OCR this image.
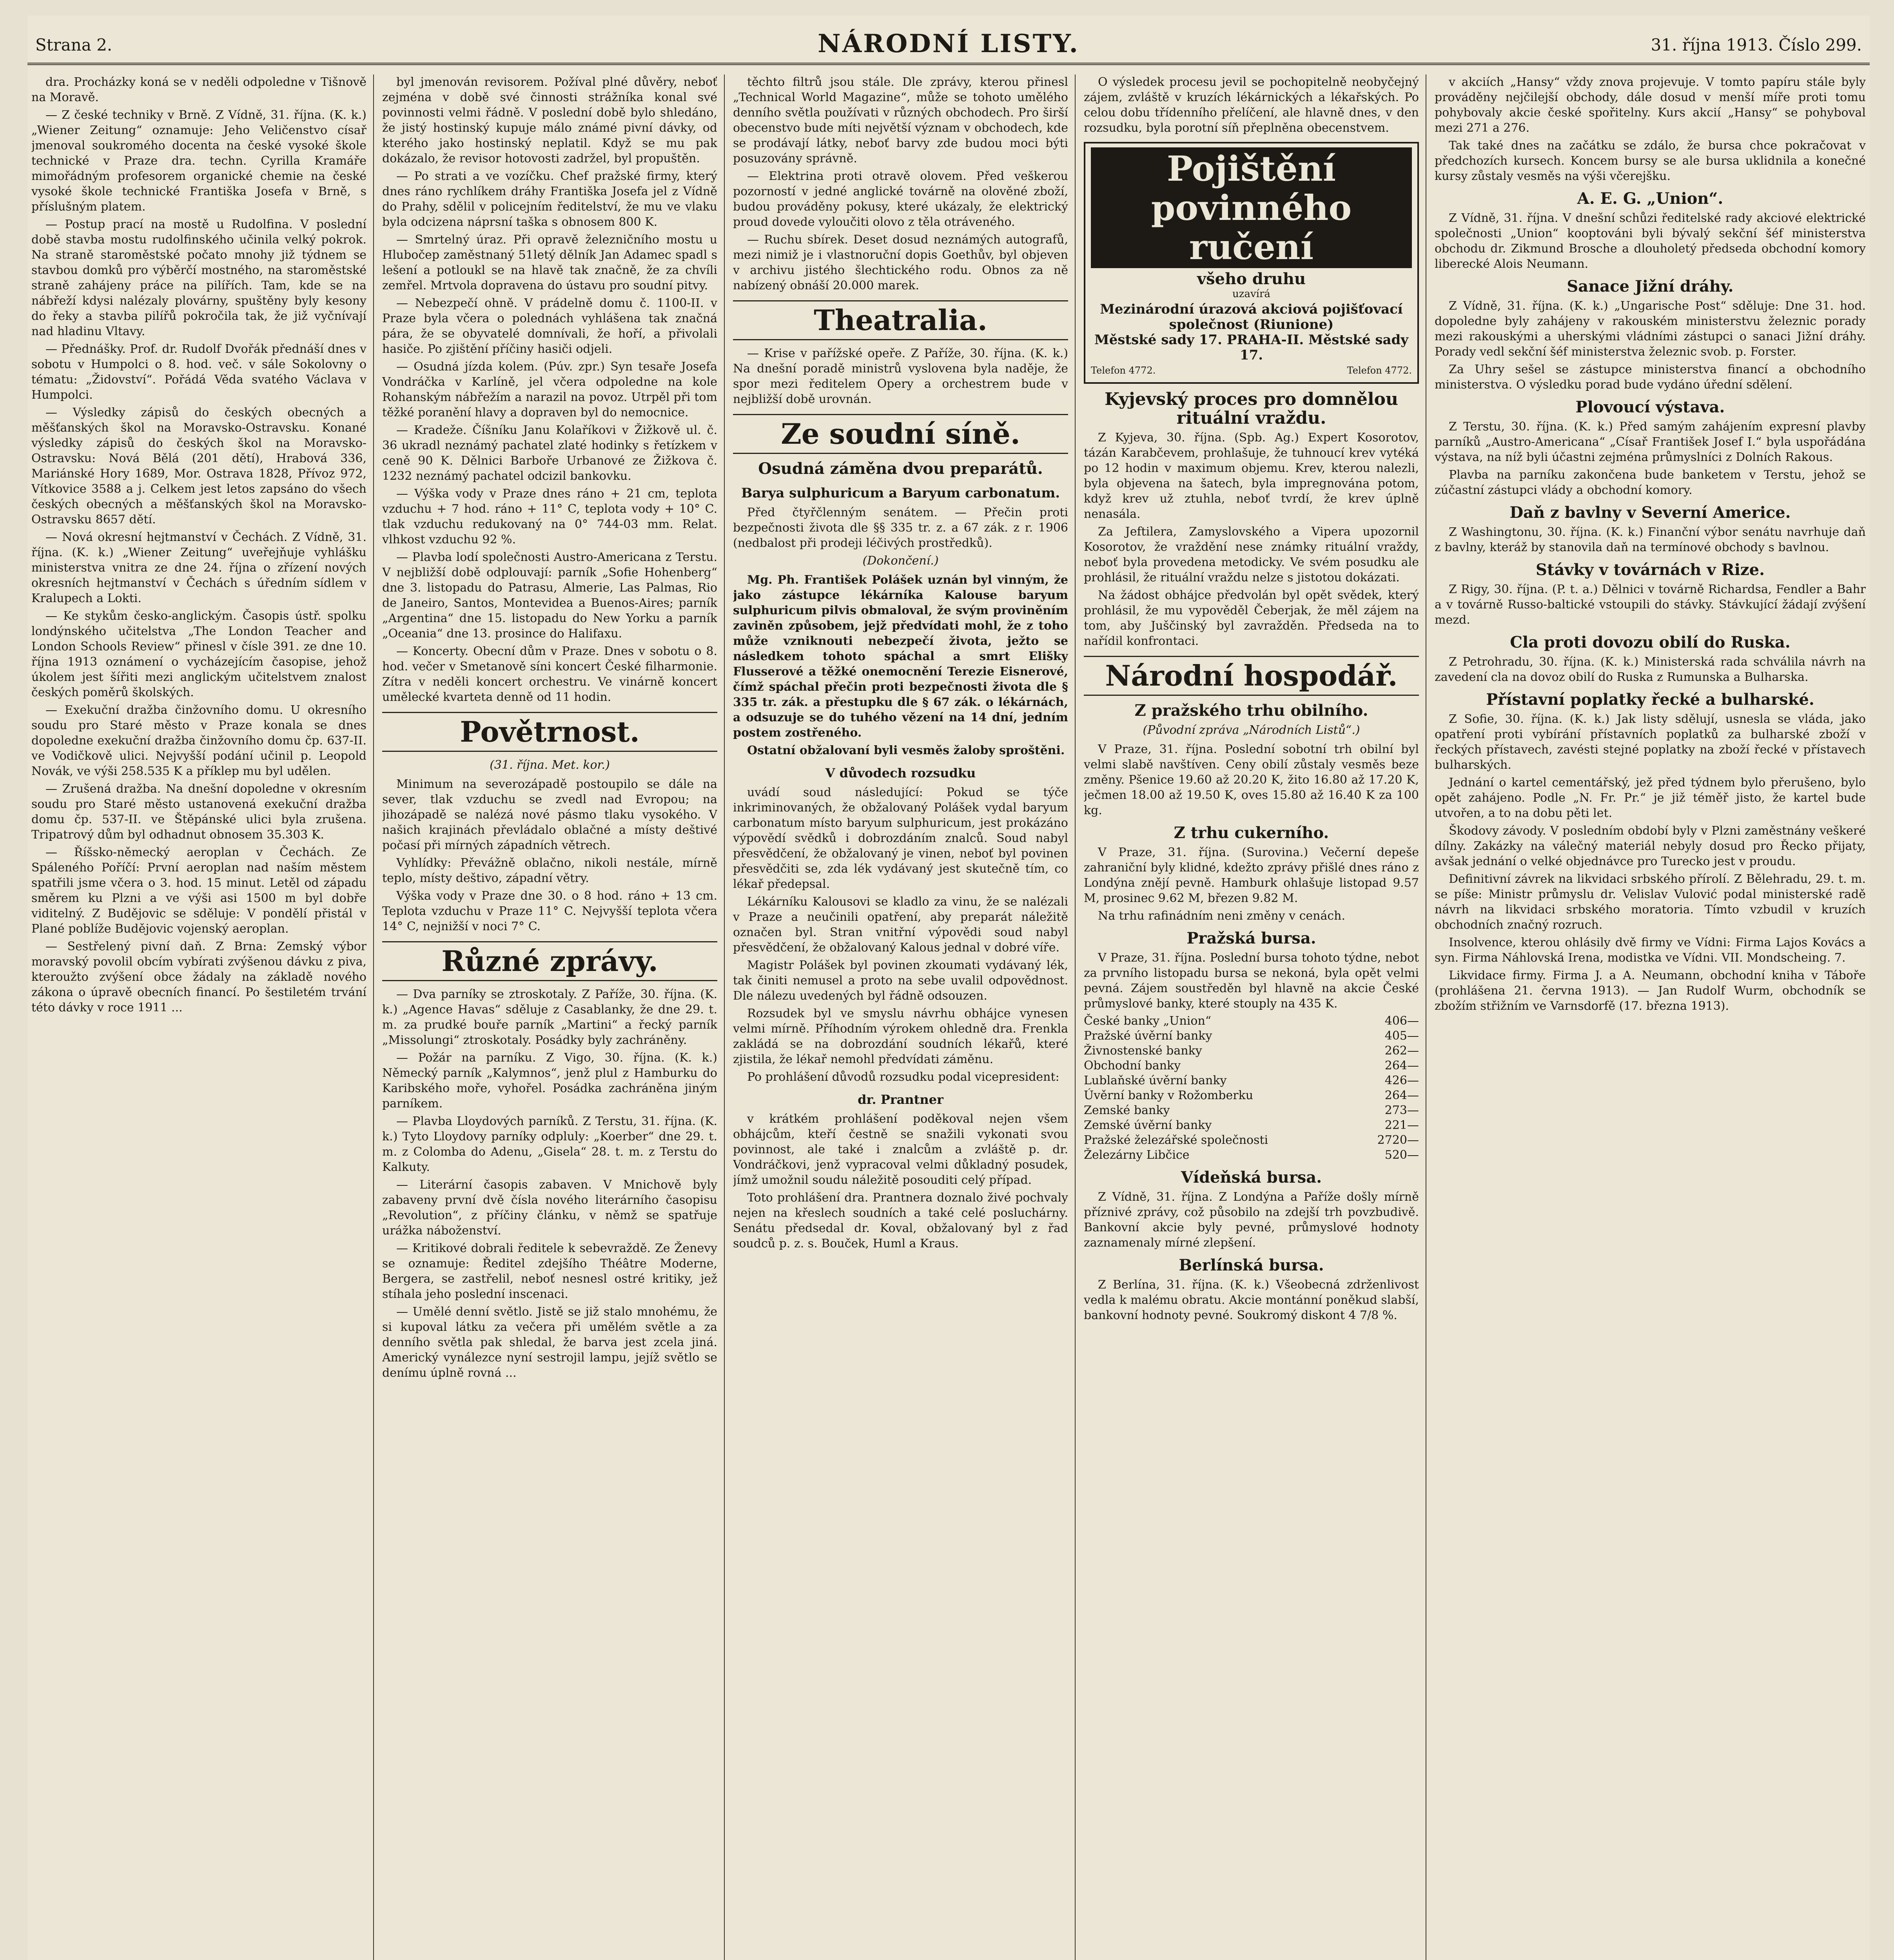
Strana 2.	NÁRODNÍ LISTY.	31. října 1913. Číslo 299.

dra. Procházky koná se v neděli odpoledne v Tišnově na Moravě.

— Z české techniky v Brně. Z Vídně, 31. října. (K. k.) „Wiener Zeitung“ oznamuje: Jeho Veličenstvo císař jmenoval soukromého docenta na české vysoké škole technické v Praze dra. techn. Cyrilla Kramáře mimořádným profesorem organické chemie na české vysoké škole technické Františka Josefa v Brně, s příslušným platem.

— Postup prací na mostě u Rudolfina. V poslední době stavba mostu rudolfinského učinila velký pokrok. Na straně staroměstské počato mnohy již týdnem se stavbou domků pro výběrčí mostného, na staroměstské straně zahájeny práce na pilířích. Tam, kde se na nábřeží kdysi nalézaly plovárny, spuštěny byly kesony do řeky a stavba pilířů pokročila tak, že již vyčnívají nad hladinu Vltavy.

— Přednášky. Prof. dr. Rudolf Dvořák přednáší dnes v sobotu v Humpolci o 8. hod. več. v sále Sokolovny o tématu: „Židovství“. Pořádá Věda svatého Václava v Humpolci.

— Výsledky zápisů do českých obecných a měšťanských škol na Moravsko-Ostravsku. Konané výsledky zápisů do českých škol na Moravsko-Ostravsku: Nová Bělá (201 dětí), Hrabová 336, Mariánské Hory 1689, Mor. Ostrava 1828, Přívoz 972, Vítkovice 3588 a j. Celkem jest letos zapsáno do všech českých obecných a měšťanských škol na Moravsko-Ostravsku 8657 dětí.

— Nová okresní hejtmanství v Čechách. Z Vídně, 31. října. (K. k.) „Wiener Zeitung“ uveřejňuje vyhlášku ministerstva vnitra ze dne 24. října o zřízení nových okresních hejtmanství v Čechách s úředním sídlem v Kralupech a Lokti.

— Ke stykům česko-anglickým. Časopis ústř. spolku londýnského učitelstva „The London Teacher and London Schools Review“ přinesl v čísle 391. ze dne 10. října 1913 oznámení o vycházejícím časopise, jehož úkolem jest šířiti mezi anglickým učitelstvem znalost českých poměrů školských.

— Exekuční dražba činžovního domu. U okresního soudu pro Staré město v Praze konala se dnes dopoledne exekuční dražba činžovního domu čp. 637-II. ve Vodičkově ulici. Nejvyšší podání učinil p. Leopold Novák, ve výši 258.535 K a příklep mu byl udělen.

— Zrušená dražba. Na dnešní dopoledne v okresním soudu pro Staré město ustanovená exekuční dražba domu čp. 537-II. ve Štěpánské ulici byla zrušena. Tripatrový dům byl odhadnut obnosem 35.303 K.

— Říšsko-německý aeroplan v Čechách. Ze Spáleného Poříčí: První aeroplan nad naším městem spatřili jsme včera o 3. hod. 15 minut. Letěl od západu směrem ku Plzni a ve výši asi 1500 m byl dobře viditelný. Z Budějovic se sděluje: V pondělí přistál v Plané poblíže Budějovic vojenský aeroplan.

— Sestřelený pivní daň. Z Brna: Zemský výbor moravský povolil obcím vybírati zvýšenou dávku z piva, kteroužto zvýšení obce žádaly na základě nového zákona o úpravě obecních financí. Po šestiletém trvání této dávky v roce 1911 ...

byl jmenován revisorem. Požíval plné důvěry, neboť zejména v době své činnosti strážníka konal své povinnosti velmi řádně. V poslední době bylo shledáno, že jistý hostinský kupuje málo známé pivní dávky, od kterého jako hostinský neplatil. Když se mu pak dokázalo, že revisor hotovosti zadržel, byl propuštěn.

— Po strati a ve vozíčku. Chef pražské firmy, který dnes ráno rychlíkem dráhy Františka Josefa jel z Vídně do Prahy, sdělil v policejním ředitelství, že mu ve vlaku byla odcizena náprsní taška s obnosem 800 K.

— Smrtelný úraz. Při opravě železničního mostu u Hlubočep zaměstnaný 51letý dělník Jan Adamec spadl s lešení a potloukl se na hlavě tak značně, že za chvíli zemřel. Mrtvola dopravena do ústavu pro soudní pitvy.

— Nebezpečí ohně. V prádelně domu č. 1100-II. v Praze byla včera o polednách vyhlášena tak značná pára, že se obyvatelé domnívali, že hoří, a přivolali hasiče. Po zjištění příčiny hasiči odjeli.

— Osudná jízda kolem. (Púv. zpr.) Syn tesaře Josefa Vondráčka v Karlíně, jel včera odpoledne na kole Rohanským nábřežím a narazil na povoz. Utrpěl při tom těžké poranění hlavy a dopraven byl do nemocnice.

— Kradeže. Číšníku Janu Kolaříkovi v Žižkově ul. č. 36 ukradl neznámý pachatel zlaté hodinky s řetízkem v ceně 90 K. Dělnici Barboře Urbanové ze Žižkova č. 1232 neznámý pachatel odcizil bankovku.

— Výška vody v Praze dnes ráno + 21 cm, teplota vzduchu + 7 hod. ráno + 11° C, teplota vody + 10° C. tlak vzduchu redukovaný na 0° 744-03 mm. Relat. vlhkost vzduchu 92 %.

— Plavba lodí společnosti Austro-Americana z Terstu. V nejbližší době odplouvají: parník „Sofie Hohenberg“ dne 3. listopadu do Patrasu, Almerie, Las Palmas, Rio de Janeiro, Santos, Montevidea a Buenos-Aires; parník „Argentina“ dne 15. listopadu do New Yorku a parník „Oceania“ dne 13. prosince do Halifaxu.

— Koncerty. Obecní dům v Praze. Dnes v sobotu o 8. hod. večer v Smetanově síni koncert České filharmonie. Zítra v neděli koncert orchestru. Ve vinárně koncert umělecké kvarteta denně od 11 hodin.

Povětrnost.
(31. října. Met. kor.)

Minimum na severozápadě postoupilo se dále na sever, tlak vzduchu se zvedl nad Evropou; na jihozápadě se nalézá nové pásmo tlaku vysokého. V našich krajinách převládalo oblačné a místy deštivé počasí při mírných západních větrech.

Vyhlídky: Převážně oblačno, nikoli nestále, mírně teplo, místy deštivo, západní větry.

Výška vody v Praze dne 30. o 8 hod. ráno + 13 cm. Teplota vzduchu v Praze 11° C. Nejvyšší teplota včera 14° C, nejnižší v noci 7° C.

Různé zprávy.

— Dva parníky se ztroskotaly. Z Paříže, 30. října. (K. k.) „Agence Havas“ sděluje z Casablanky, že dne 29. t. m. za prudké bouře parník „Martini“ a řecký parník „Missolungi“ ztroskotaly. Posádky byly zachráněny.

— Požár na parníku. Z Vigo, 30. října. (K. k.) Německý parník „Kalymnos“, jenž plul z Hamburku do Karibského moře, vyhořel. Posádka zachráněna jiným parníkem.

— Plavba Lloydových parníků. Z Terstu, 31. října. (K. k.) Tyto Lloydovy parníky odpluly: „Koerber“ dne 29. t. m. z Colomba do Adenu, „Gisela“ 28. t. m. z Terstu do Kalkuty.

— Literární časopis zabaven. V Mnichově byly zabaveny první dvě čísla nového literárního časopisu „Revolution“, z příčiny článku, v němž se spatřuje urážka náboženství.

— Kritikové dobrali ředitele k sebevraždě. Ze Ženevy se oznamuje: Ředitel zdejšího Théâtre Moderne, Bergera, se zastřelil, neboť nesnesl ostré kritiky, jež stíhala jeho poslední inscenaci.

— Umělé denní světlo. Jistě se již stalo mnohému, že si kupoval látku za večera při umělém světle a za denního světla pak shledal, že barva jest zcela jiná. Americký vynálezce nyní sestrojil lampu, jejíž světlo se denímu úplně rovná ...

těchto filtrů jsou stále. Dle zprávy, kterou přinesl „Technical World Magazine“, může se tohoto umělého denního světla používati v různých obchodech. Pro širší obecenstvo bude míti největší význam v obchodech, kde se prodávají látky, neboť barvy zde budou moci býti posuzovány správně.

— Elektrina proti otravě olovem. Před veškerou pozorností v jedné anglické továrně na olověné zboží, budou prováděny pokusy, které ukázaly, že elektrický proud dovede vyloučiti olovo z těla otráveného.

— Ruchu sbírek. Deset dosud neznámých autografů, mezi nimiž je i vlastnoruční dopis Goethův, byl objeven v archivu jistého šlechtického rodu. Obnos za ně nabízený obnáší 20.000 marek.

Theatralia.

— Krise v pařížské opeře. Z Paříže, 30. října. (K. k.) Na dnešní poradě ministrů vyslovena byla naděje, že spor mezi ředitelem Opery a orchestrem bude v nejbližší době urovnán.

Ze soudní síně.
Osudná záměna dvou preparátů.
Barya sulphuricum a Baryum carbonatum.

Před čtyřčlenným senátem. — Přečin proti bezpečnosti života dle §§ 335 tr. z. a 67 zák. z r. 1906 (nedbalost při prodeji léčivých prostředků).

(Dokončení.)

Mg. Ph. František Polášek uznán byl vinným, že jako zástupce lékárníka Kalouse baryum sulphuricum pilvis obmaloval, že svým proviněním zaviněn způsobem, jejž předvídati mohl, že z toho může vzniknouti nebezpečí života, ježto se následkem tohoto spáchal a smrt Elišky Flusserové a těžké onemocnění Terezie Eisnerové, čímž spáchal přečin proti bezpečnosti života dle § 335 tr. zák. a přestupku dle § 67 zák. o lékárnách, a odsuzuje se do tuhého vězení na 14 dní, jedním postem zostřeného.

Ostatní obžalovaní byli vesměs žaloby sproštěni.

V důvodech rozsudku

uvádí soud následující: Pokud se týče inkriminovaných, že obžalovaný Polášek vydal baryum carbonatum místo baryum sulphuricum, jest prokázáno výpovědí svědků i dobrozdáním znalců. Soud nabyl přesvědčení, že obžalovaný je vinen, neboť byl povinen přesvědčiti se, zda lék vydávaný jest skutečně tím, co lékař předepsal.

Lékárníku Kalousovi se kladlo za vinu, že se nalézali v Praze a neučinili opatření, aby preparát náležitě označen byl. Stran vnitřní výpovědi soud nabyl přesvědčení, že obžalovaný Kalous jednal v dobré víře.

Magistr Polášek byl povinen zkoumati vydávaný lék, tak činiti nemusel a proto na sebe uvalil odpovědnost. Dle nálezu uvedených byl řádně odsouzen.

Rozsudek byl ve smyslu návrhu obhájce vynesen velmi mírně. Příhodním výrokem ohledně dra. Frenkla zakládá se na dobrozdání soudních lékařů, které zjistila, že lékař nemohl předvídati záměnu.

Po prohlášení důvodů rozsudku podal vicepresident:

dr. Prantner

v krátkém prohlášení poděkoval nejen všem obhájcům, kteří čestně se snažili vykonati svou povinnost, ale také i znalcům a zvláště p. dr. Vondráčkovi, jenž vypracoval velmi důkladný posudek, jímž umožnil soudu náležitě posouditi celý případ.

Toto prohlášení dra. Prantnera doznalo živé pochvaly nejen na křeslech soudních a také celé posluchárny. Senátu předsedal dr. Koval, obžalovaný byl z řad soudců p. z. s. Bouček, Huml a Kraus.

O výsledek procesu jevil se pochopitelně neobyčejný zájem, zvláště v kruzích lékárnických a lékařských. Po celou dobu třídenního přelíčení, ale hlavně dnes, v den rozsudku, byla porotní síň přeplněna obecenstvem.

Pojištění povinného ručení
všeho druhu
uzavírá
Mezinárodní úrazová akciová pojišťovací společnost (Riunione)
Městské sady 17. PRAHA-II. Městské sady 17.
Telefon 4772.	Telefon 4772.
Kyjevský proces pro domnělou rituální vraždu.

Z Kyjeva, 30. října. (Spb. Ag.) Expert Kosorotov, tázán Karabčevem, prohlašuje, že tuhnoucí krev vytéká po 12 hodin v maximum objemu. Krev, kterou nalezli, byla objevena na šatech, byla impregnována potom, když krev už ztuhla, neboť tvrdí, že krev úplně nenasála.

Za Jeftilera, Zamyslovského a Vipera upozornil Kosorotov, že vraždění nese známky rituální vraždy, neboť byla provedena metodicky. Ve svém posudku ale prohlásil, že rituální vraždu nelze s jistotou dokázati.

Na žádost obhájce předvolán byl opět svědek, který prohlásil, že mu vypověděl Čeberjak, že měl zájem na tom, aby Juščinský byl zavražděn. Předseda na to nařídil konfrontaci.

Národní hospodář.
Z pražského trhu obilního.
(Původní zpráva „Národních Listů“.)

V Praze, 31. října. Poslední sobotní trh obilní byl velmi slabě navštíven. Ceny obilí zůstaly vesměs beze změny. Pšenice 19.60 až 20.20 K, žito 16.80 až 17.20 K, ječmen 18.00 až 19.50 K, oves 15.80 až 16.40 K za 100 kg.

Z trhu cukerního.

V Praze, 31. října. (Surovina.) Večerní depeše zahraniční byly klidné, kdežto zprávy přišlé dnes ráno z Londýna znějí pevně. Hamburk ohlašuje listopad 9.57 M, prosinec 9.62 M, březen 9.82 M.

Na trhu rafinádním neni změny v cenách.

Pražská bursa.

V Praze, 31. října. Poslední bursa tohoto týdne, nebot za prvního listopadu bursa se nekoná, byla opět velmi pevná. Zájem soustředěn byl hlavně na akcie České průmyslové banky, které stouply na 435 K.

České banky „Union“	406—
Pražské úvěrní banky	405—
Živnostenské banky	262—
Obchodní banky	264—
Lublaňské úvěrní banky	426—
Úvěrní banky v Rožomberku	264—
Zemské banky	273—
Zemské úvěrní banky	221—
Pražské železářské společnosti	2720—
Železárny Libčice	520—
Vídeňská bursa.

Z Vídně, 31. října. Z Londýna a Paříže došly mírně příznivé zprávy, což působilo na zdejší trh povzbudivě. Bankovní akcie byly pevné, průmyslové hodnoty zaznamenaly mírné zlepšení.

Berlínská bursa.

Z Berlína, 31. října. (K. k.) Všeobecná zdrženlivost vedla k malému obratu. Akcie montánní poněkud slabší, bankovní hodnoty pevné. Soukromý diskont 4 7/8 %.

v akciích „Hansy“ vždy znova projevuje. V tomto papíru stále byly prováděny nejčilejší obchody, dále dosud v menší míře proti tomu pohybovaly akcie české spořitelny. Kurs akcií „Hansy“ se pohyboval mezi 271 a 276.

Tak také dnes na začátku se zdálo, že bursa chce pokračovat v předchozích kursech. Koncem bursy se ale bursa uklidnila a konečné kursy zůstaly vesměs na výši včerejšku.

A. E. G. „Union“.

Z Vídně, 31. října. V dnešní schůzi ředitelské rady akciové elektrické společnosti „Union“ kooptováni byli bývalý sekční šéf ministerstva obchodu dr. Zikmund Brosche a dlouholetý předseda obchodní komory liberecké Alois Neumann.

Sanace Jižní dráhy.

Z Vídně, 31. října. (K. k.) „Ungarische Post“ sděluje: Dne 31. hod. dopoledne byly zahájeny v rakouském ministerstvu železnic porady mezi rakouskými a uherskými vládními zástupci o sanaci Jižní dráhy. Porady vedl sekční šéf ministerstva železnic svob. p. Forster.

Za Uhry sešel se zástupce ministerstva financí a obchodního ministerstva. O výsledku porad bude vydáno úřední sdělení.

Plovoucí výstava.

Z Terstu, 30. října. (K. k.) Před samým zahájením expresní plavby parníků „Austro-Americana“ „Císař František Josef I.“ byla uspořádána výstava, na níž byli účastni zejména průmyslníci z Dolních Rakous.

Plavba na parníku zakončena bude banketem v Terstu, jehož se zúčastní zástupci vlády a obchodní komory.

Daň z bavlny v Severní Americe.

Z Washingtonu, 30. října. (K. k.) Finanční výbor senátu navrhuje daň z bavlny, kteráž by stanovila daň na termínové obchody s bavlnou.

Stávky v továrnách v Rize.

Z Rigy, 30. října. (P. t. a.) Dělnici v továrně Richardsa, Fendler a Bahr a v továrně Russo-baltické vstoupili do stávky. Stávkující žádají zvýšení mezd.

Cla proti dovozu obilí do Ruska.

Z Petrohradu, 30. října. (K. k.) Ministerská rada schválila návrh na zavedení cla na dovoz obilí do Ruska z Rumunska a Bulharska.

Přístavní poplatky řecké a bulharské.

Z Sofie, 30. října. (K. k.) Jak listy sdělují, usnesla se vláda, jako opatření proti vybírání přístavních poplatků za bulharské zboží v řeckých přístavech, zavésti stejné poplatky na zboží řecké v přístavech bulharských.

Jednání o kartel cementářský, jež před týdnem bylo přerušeno, bylo opět zahájeno. Podle „N. Fr. Pr.“ je již téměř jisto, že kartel bude utvořen, a to na dobu pěti let.

Škodovy závody. V posledním období byly v Plzni zaměstnány veškeré dílny. Zakázky na válečný materiál nebyly dosud pro Řecko přijaty, avšak jednání o velké objednávce pro Turecko jest v proudu.

Definitivní závrek na likvidaci srbského přírolí. Z Bělehradu, 29. t. m. se píše: Ministr průmyslu dr. Velislav Vulović podal ministerské radě návrh na likvidaci srbského moratoria. Tímto vzbudil v kruzích obchodních značný rozruch.

Insolvence, kterou ohlásily dvě firmy ve Vídni: Firma Lajos Kovács a syn. Firma Náhlovská Irena, modistka ve Vídni. VII. Mondscheing. 7.

Likvidace firmy. Firma J. a A. Neumann, obchodní kniha v Táboře (prohlášena 21. června 1913). — Jan Rudolf Wurm, obchodník se zbožím střižním ve Varnsdorfě (17. března 1913).
